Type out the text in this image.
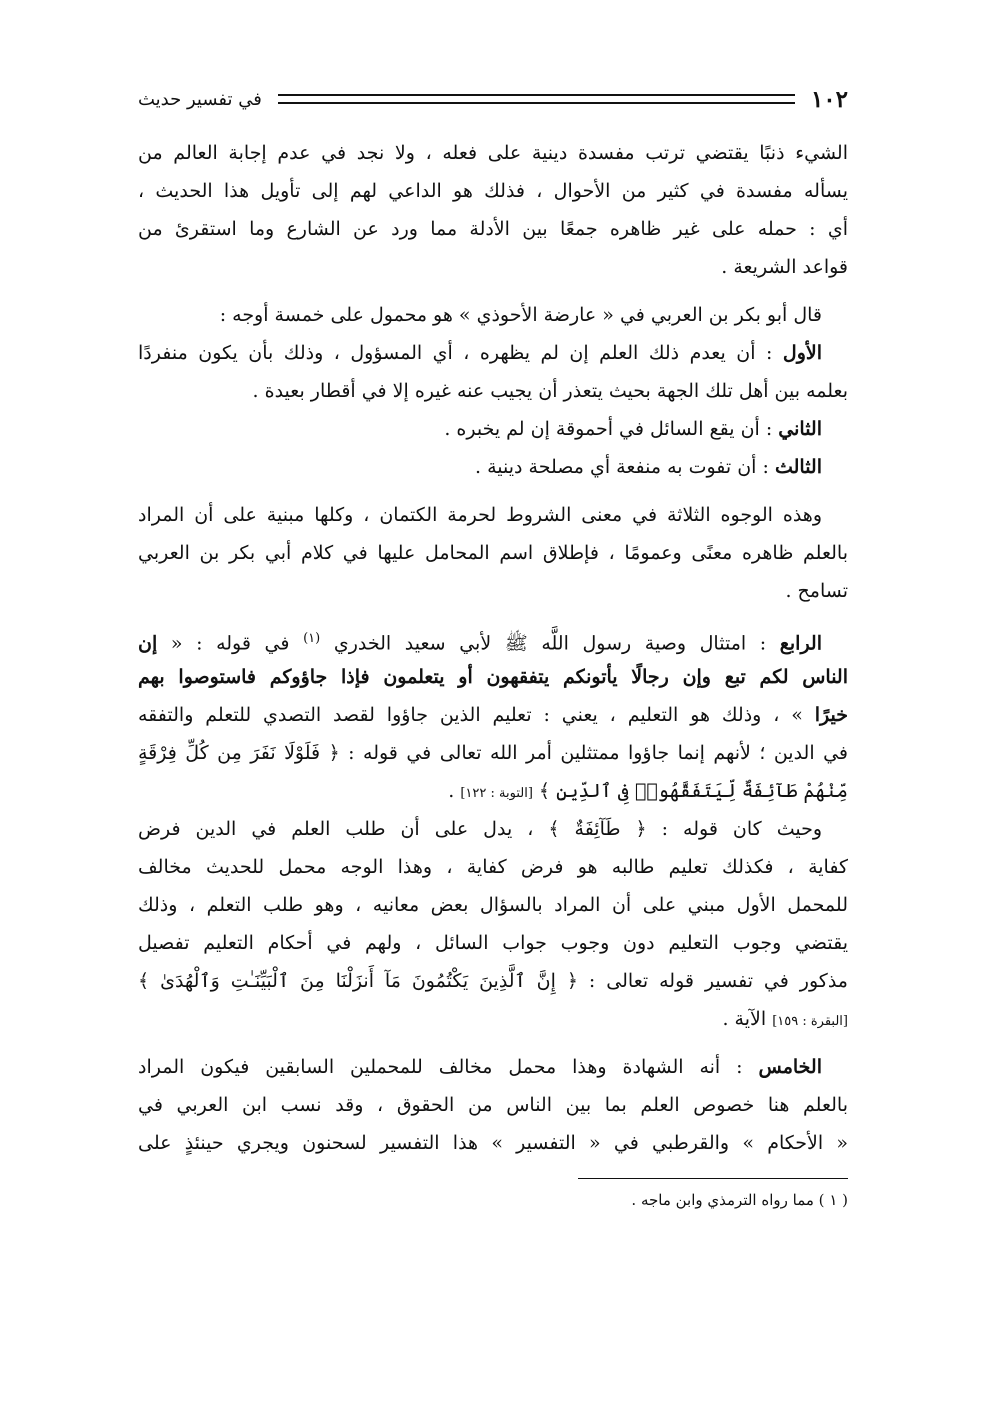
١٠٢
في تفسير حديث
الشيء ذنبًا يقتضي ترتب مفسدة دينية على فعله ، ولا نجد في عدم إجابة العالم من
يسأله مفسدة في كثير من الأحوال ، فذلك هو الداعي لهم إلى تأويل هذا الحديث ،
أي : حمله على غير ظاهره جمعًا بين الأدلة مما ورد عن الشارع وما استقرئ من
قواعد الشريعة .
قال أبو بكر بن العربي في « عارضة الأحوذي » هو محمول على خمسة أوجه :
الأول : أن يعدم ذلك العلم إن لم يظهره ، أي المسؤول ، وذلك بأن يكون منفردًا
بعلمه بين أهل تلك الجهة بحيث يتعذر أن يجيب عنه غيره إلا في أقطار بعيدة .
الثاني : أن يقع السائل في أحموقة إن لم يخبره .
الثالث : أن تفوت به منفعة أي مصلحة دينية .
وهذه الوجوه الثلاثة في معنى الشروط لحرمة الكتمان ، وكلها مبنية على أن المراد
بالعلم ظاهره معنًى وعمومًا ، فإطلاق اسم المحامل عليها في كلام أبي بكر بن العربي
تسامح .
الرابع : امتثال وصية رسول اللَّه ﷺ لأبي سعيد الخدري $^{(١)}$ في قوله : « إن
الناس لكم تبع وإن رجالًا يأتونكم يتفقهون أو يتعلمون فإذا جاؤوكم فاستوصوا بهم
خيرًا » ، وذلك هو التعليم ، يعني : تعليم الذين جاؤوا لقصد التصدي للتعلم والتفقه
في الدين ؛ لأنهم إنما جاؤوا ممتثلين أمر الله تعالى في قوله : ﴿ فَلَوْلَا نَفَرَ مِن كُلِّ فِرْقَةٍ
مِّنْهُمْ طَآئِفَةٌ لِّيَتَفَقَّهُوا۟ فِى ٱلدِّينِ ﴾ [التوبة : ١٢٢] .
وحيث كان قوله : ﴿ طَآئِفَةٌ ﴾ ، يدل على أن طلب العلم في الدين فرض
كفاية ، فكذلك تعليم طالبه هو فرض كفاية ، وهذا الوجه محمل للحديث مخالف
للمحمل الأول مبني على أن المراد بالسؤال بعض معانيه ، وهو طلب التعلم ، وذلك
يقتضي وجوب التعليم دون وجوب جواب السائل ، ولهم في أحكام التعليم تفصيل
مذكور في تفسير قوله تعالى : ﴿ إِنَّ ٱلَّذِينَ يَكْتُمُونَ مَآ أَنزَلْنَا مِنَ ٱلْبَيِّنَـٰتِ وَٱلْهُدَىٰ ﴾
[البقرة : ١٥٩] الآية .
الخامس : أنه الشهادة وهذا محمل مخالف للمحملين السابقين فيكون المراد
بالعلم هنا خصوص العلم بما بين الناس من الحقوق ، وقد نسب ابن العربي في
« الأحكام » والقرطبي في « التفسير » هذا التفسير لسحنون ويجري حينئذٍ على
( ١ ) مما رواه الترمذي وابن ماجه .
